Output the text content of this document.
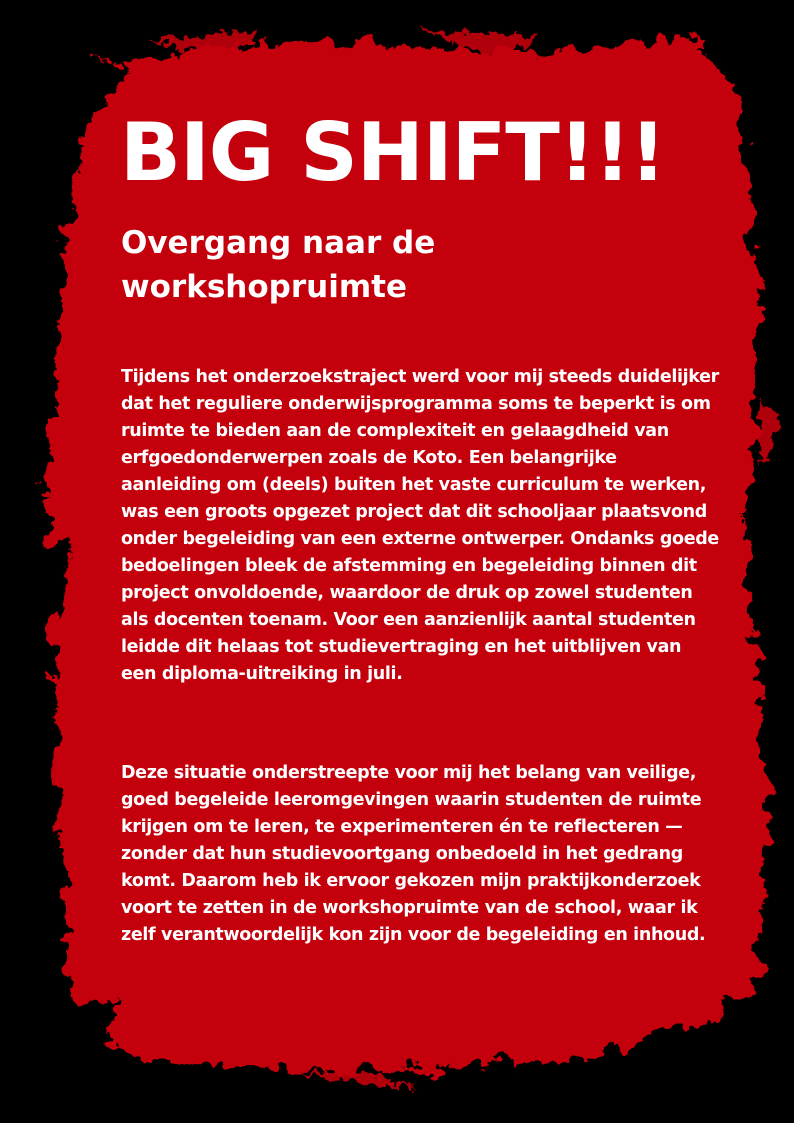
BIG SHIFT!!!
Overgang naar de workshopruimte

Tijdens het onderzoekstraject werd voor mij steeds duidelijker dat het reguliere onderwijsprogramma soms te beperkt is om ruimte te bieden aan de complexiteit en gelaagdheid van erfgoedonderwerpen zoals de Koto. Een belangrijke aanleiding om (deels) buiten het vaste curriculum te werken, was een groots opgezet project dat dit schooljaar plaatsvond onder begeleiding van een externe ontwerper. Ondanks goede bedoelingen bleek de afstemming en begeleiding binnen dit project onvoldoende, waardoor de druk op zowel studenten als docenten toenam. Voor een aanzienlijk aantal studenten leidde dit helaas tot studievertraging en het uitblijven van een diploma-uitreiking in juli.

Deze situatie onderstreepte voor mij het belang van veilige, goed begeleide leeromgevingen waarin studenten de ruimte krijgen om te leren, te experimenteren én te reflecteren — zonder dat hun studievoortgang onbedoeld in het gedrang komt. Daarom heb ik ervoor gekozen mijn praktijkonderzoek voort te zetten in de workshopruimte van de school, waar ik zelf verantwoordelijk kon zijn voor de begeleiding en inhoud.
